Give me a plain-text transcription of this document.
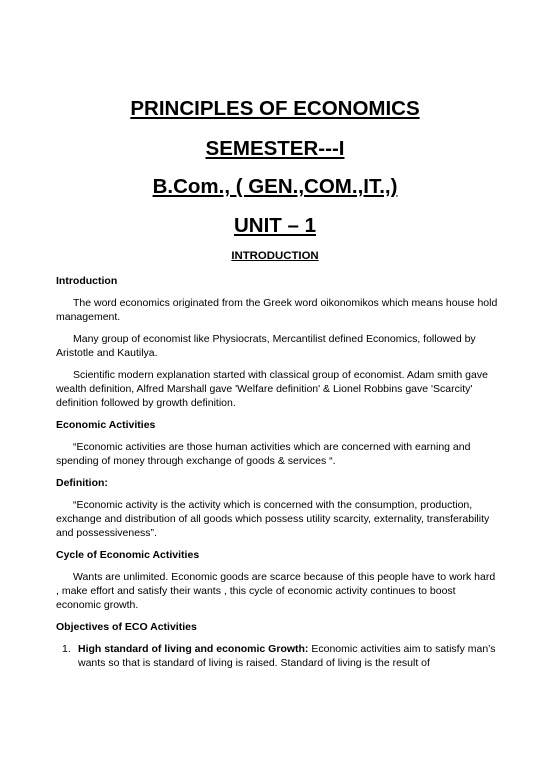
PRINCIPLES OF ECONOMICS
SEMESTER---I
B.Com., ( GEN.,COM.,IT.,)
UNIT – 1
INTRODUCTION
Introduction

The word economics originated from the Greek word oikonomikos which means house hold management.

Many group of economist like Physiocrats, Mercantilist defined Economics, followed by Aristotle and Kautilya.

Scientific modern explanation started with classical group of economist. Adam smith gave wealth definition, Alfred Marshall gave 'Welfare definition' & Lionel Robbins gave 'Scarcity' definition followed by growth definition.

Economic Activities

“Economic activities are those human activities which are concerned with earning and spending of money through exchange of goods & services “.

Definition:

“Economic activity is the activity which is concerned with the consumption, production, exchange and distribution of all goods which possess utility scarcity, externality, transferability and possessiveness”.

Cycle of Economic Activities

Wants are unlimited. Economic goods are scarce because of this people have to work hard , make effort and satisfy their wants , this cycle of economic activity continues to boost economic growth.

Objectives of ECO Activities
1. High standard of living and economic Growth: Economic activities aim to satisfy man’s wants so that is standard of living is raised. Standard of living is the result of
